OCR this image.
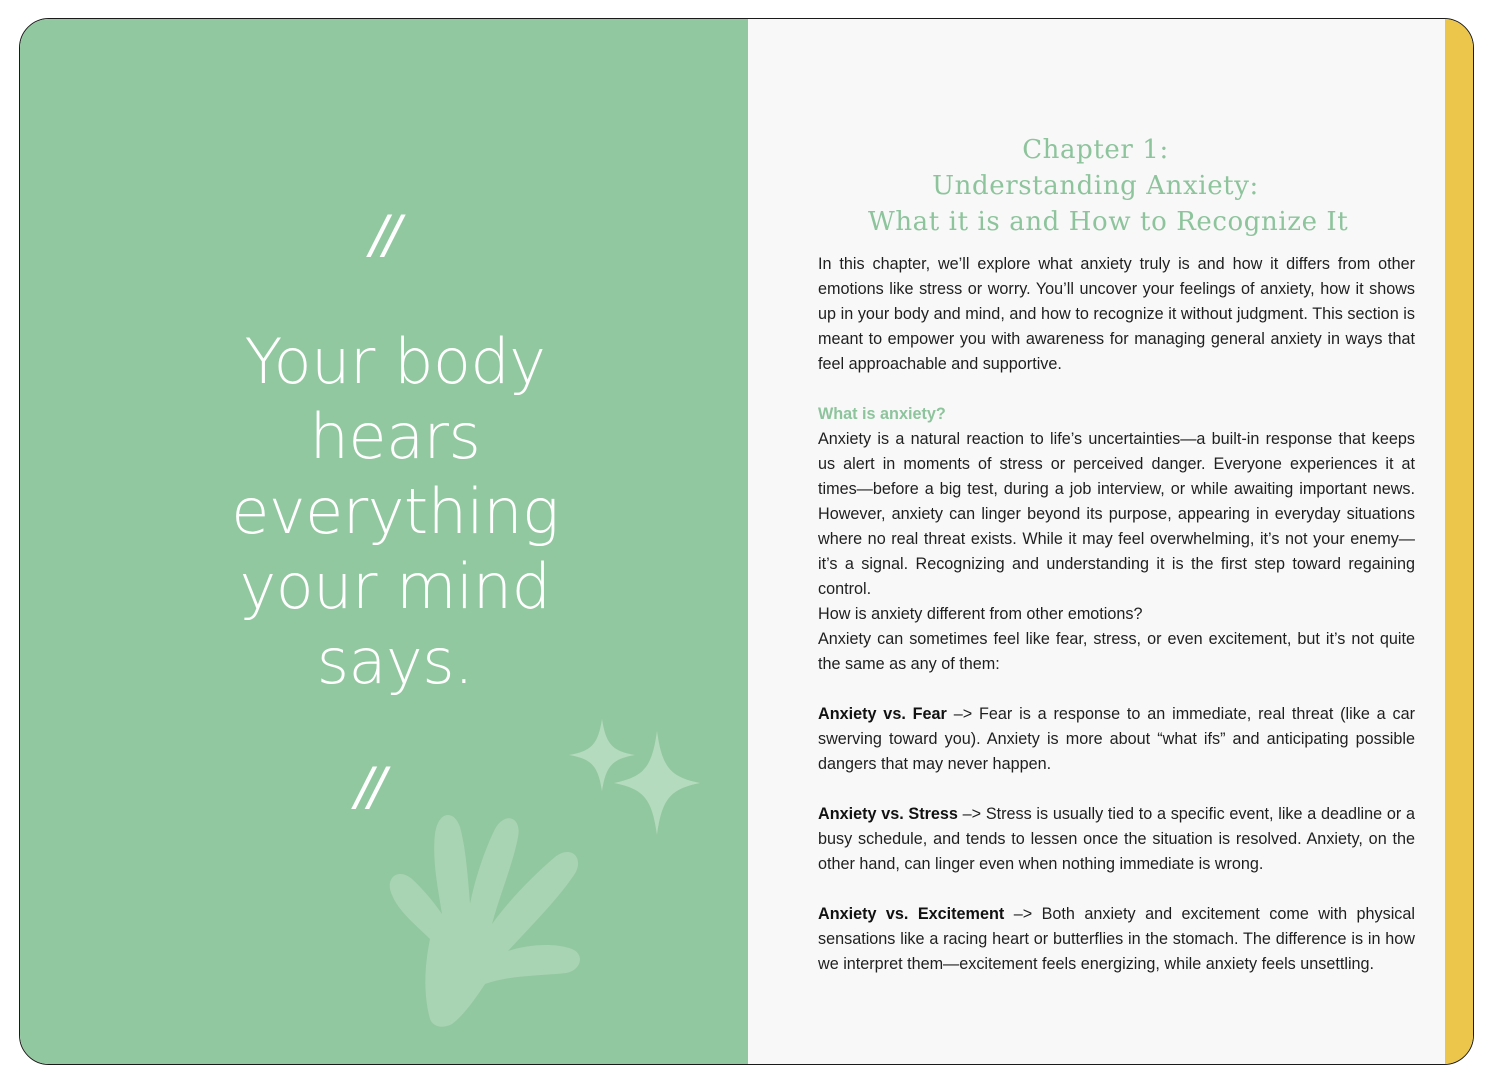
//
Your body hears everything your mind says.
//
Chapter 1:
Understanding Anxiety:
What it is and How to Recognize It

In this chapter, we’ll explore what anxiety truly is and how it differs from other emotions like stress or worry. You’ll uncover your feelings of anxiety, how it shows up in your body and mind, and how to recognize it without judgment. This section is meant to empower you with awareness for managing general anxiety in ways that feel approachable and supportive.

What is anxiety?

Anxiety is a natural reaction to life’s uncertainties—a built-in response that keeps us alert in moments of stress or perceived danger. Everyone experiences it at times—before a big test, during a job interview, or while awaiting important news. However, anxiety can linger beyond its purpose, appearing in everyday situations where no real threat exists. While it may feel overwhelming, it’s not your enemy—it’s a signal. Recognizing and understanding it is the first step toward regaining control.

How is anxiety different from other emotions?

Anxiety can sometimes feel like fear, stress, or even excitement, but it’s not quite the same as any of them:

Anxiety vs. Fear –> Fear is a response to an immediate, real threat (like a car swerving toward you). Anxiety is more about “what ifs” and anticipating possible dangers that may never happen.

Anxiety vs. Stress –> Stress is usually tied to a specific event, like a deadline or a busy schedule, and tends to lessen once the situation is resolved. Anxiety, on the other hand, can linger even when nothing immediate is wrong.

Anxiety vs. Excitement –> Both anxiety and excitement come with physical sensations like a racing heart or butterflies in the stomach. The difference is in how we interpret them—excitement feels energizing, while anxiety feels unsettling.
